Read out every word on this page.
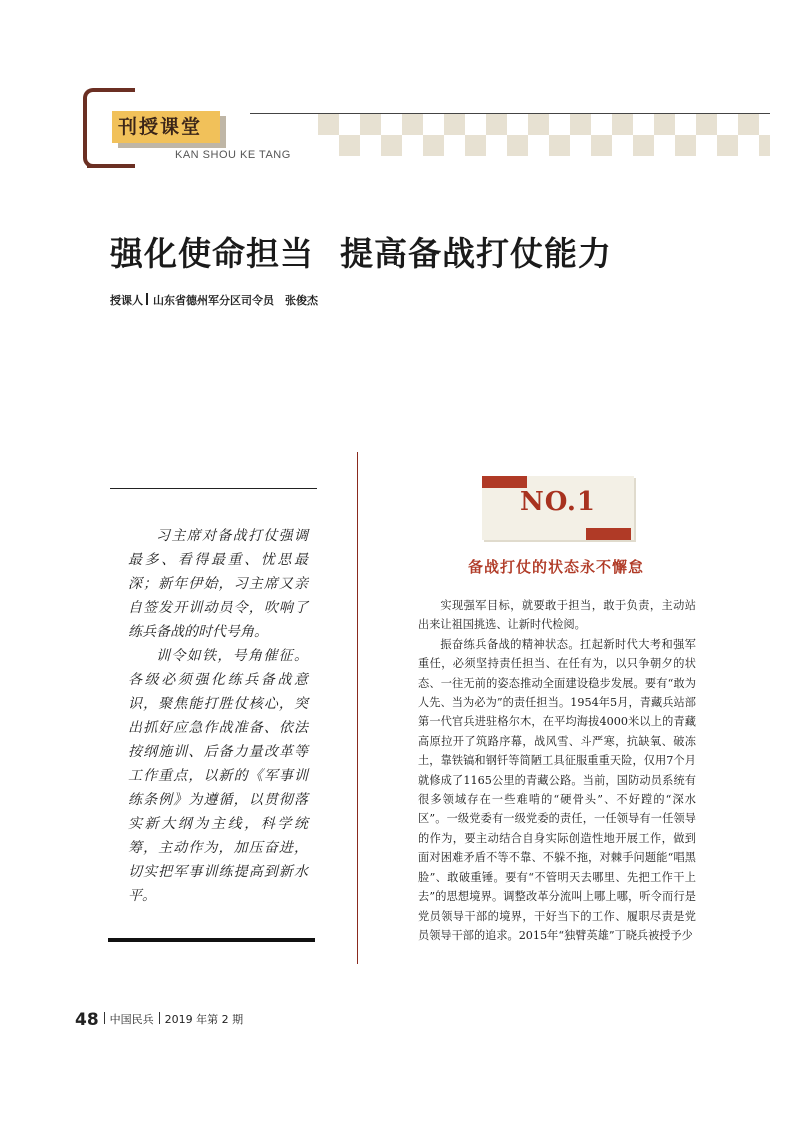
刊授课堂
KAN SHOU KE TANG
强化使命担当 提高备战打仗能力
授课人 山东省德州军分区司令员　张俊杰

习主席对备战打仗强调最多、看得最重、忧思最深；新年伊始，习主席又亲自签发开训动员令，吹响了练兵备战的时代号角。

训令如铁，号角催征。各级必须强化练兵备战意识，聚焦能打胜仗核心，突出抓好应急作战准备、依法按纲施训、后备力量改革等工作重点，以新的《军事训练条例》为遵循，以贯彻落实新大纲为主线，科学统筹，主动作为，加压奋进，切实把军事训练提高到新水平。

NO.1
备战打仗的状态永不懈怠

实现强军目标，就要敢于担当，敢于负责，主动站出来让祖国挑选、让新时代检阅。

振奋练兵备战的精神状态。扛起新时代大考和强军重任，必须坚持责任担当、在任有为，以只争朝夕的状态、一往无前的姿态推动全面建设稳步发展。要有“敢为人先、当为必为”的责任担当。1954年5月，青藏兵站部第一代官兵进驻格尔木，在平均海拔4000米以上的青藏高原拉开了筑路序幕，战风雪、斗严寒，抗缺氧、破冻土，靠铁镐和钢钎等简陋工具征服重重天险，仅用7个月就修成了1165公里的青藏公路。当前，国防动员系统有很多领域存在一些难啃的“硬骨头”、不好蹚的“深水区”。一级党委有一级党委的责任，一任领导有一任领导的作为，要主动结合自身实际创造性地开展工作，做到面对困难矛盾不等不靠、不躲不拖，对棘手问题能“唱黑脸”、敢破重锤。要有“不管明天去哪里、先把工作干上去”的思想境界。调整改革分流叫上哪上哪，听令而行是党员领导干部的境界，干好当下的工作、履职尽责是党员领导干部的追求。2015年“独臂英雄”丁晓兵被授予少

48 中国民兵 2019 年第 2 期
